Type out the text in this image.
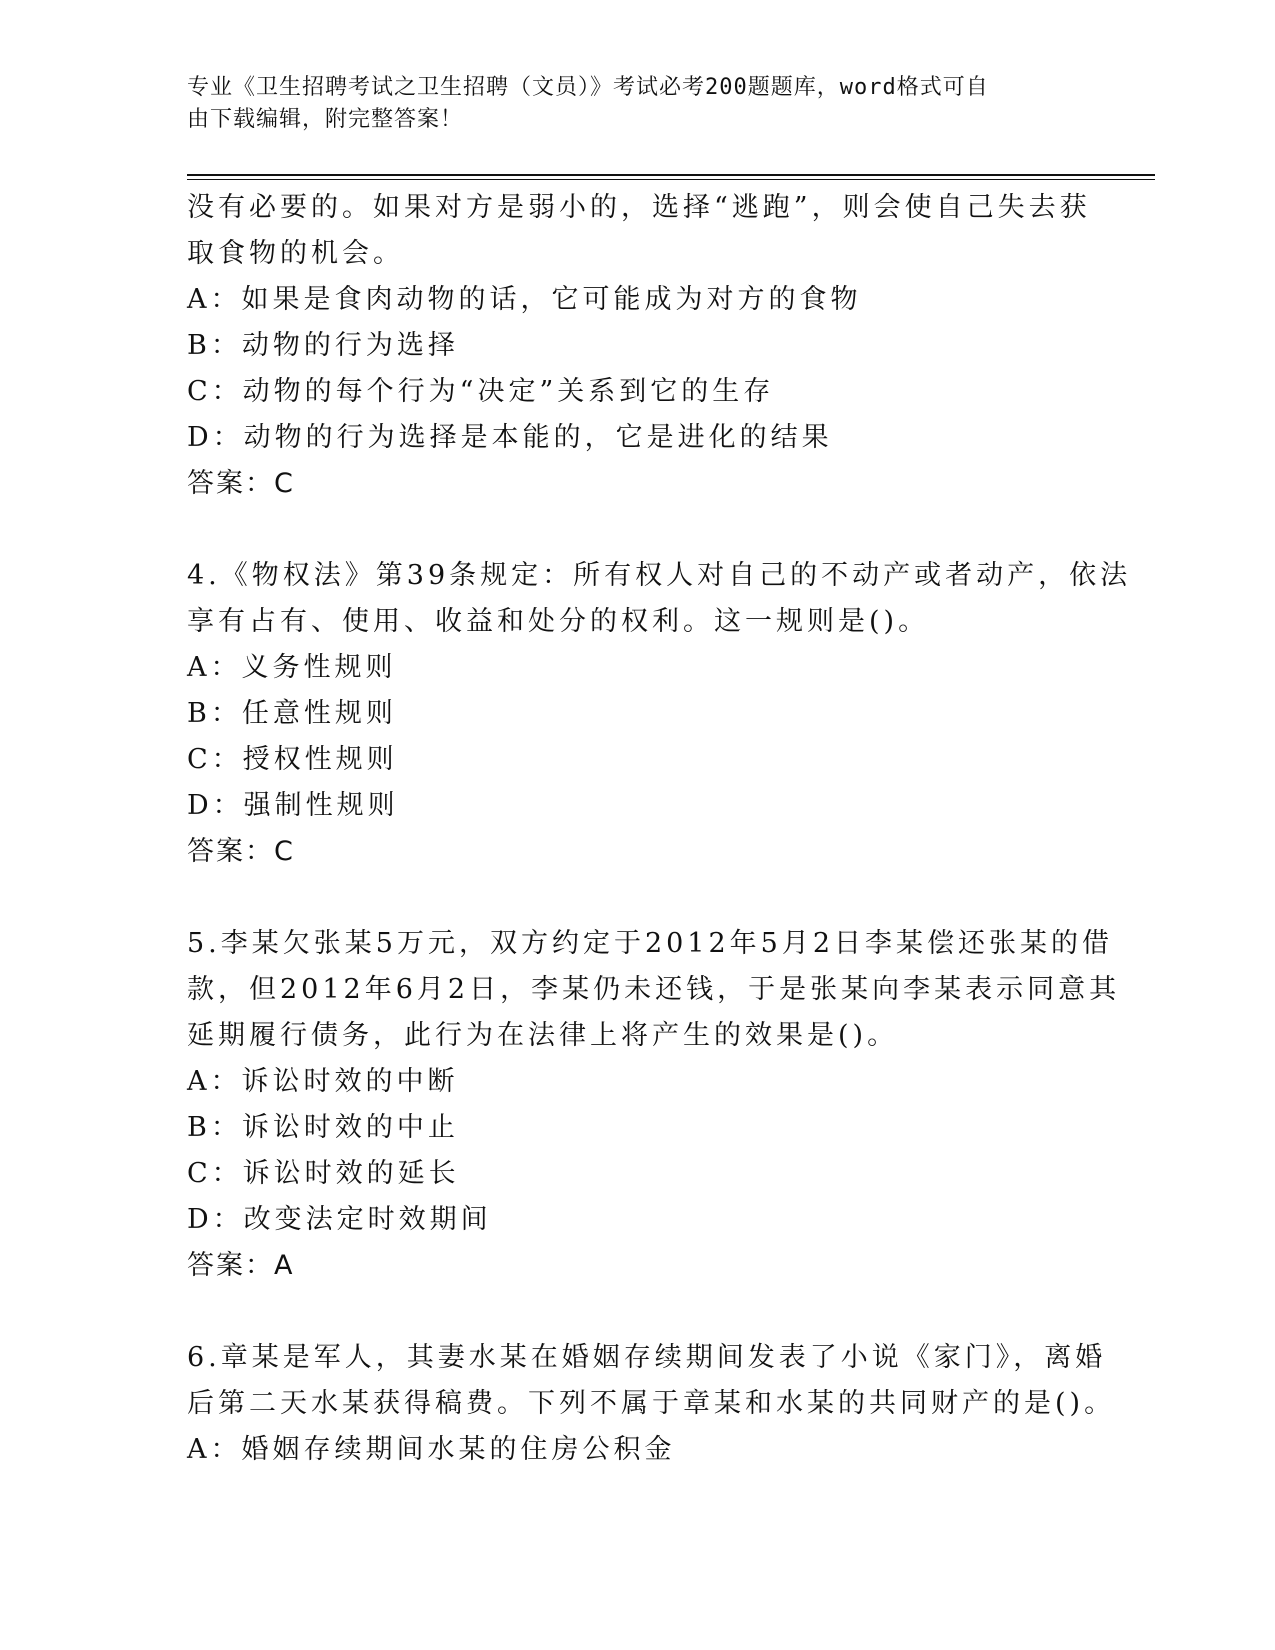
专业《卫生招聘考试之卫生招聘（文员）》考试必考200题题库，word格式可自
由下载编辑，附完整答案！
没有必要的。如果对方是弱小的，选择“逃跑”，则会使自己失去获
取食物的机会。
A：如果是食肉动物的话，它可能成为对方的食物
B：动物的行为选择
C：动物的每个行为“决定”关系到它的生存
D：动物的行为选择是本能的，它是进化的结果
答案：C
4.《物权法》第39条规定：所有权人对自己的不动产或者动产，依法
享有占有、使用、收益和处分的权利。这一规则是()。
A：义务性规则
B：任意性规则
C：授权性规则
D：强制性规则
答案：C
5.李某欠张某5万元，双方约定于2012年5月2日李某偿还张某的借
款，但2012年6月2日，李某仍未还钱，于是张某向李某表示同意其
延期履行债务，此行为在法律上将产生的效果是()。
A：诉讼时效的中断
B：诉讼时效的中止
C：诉讼时效的延长
D：改变法定时效期间
答案：A
6.章某是军人，其妻水某在婚姻存续期间发表了小说《家门》，离婚
后第二天水某获得稿费。下列不属于章某和水某的共同财产的是()。
A：婚姻存续期间水某的住房公积金
